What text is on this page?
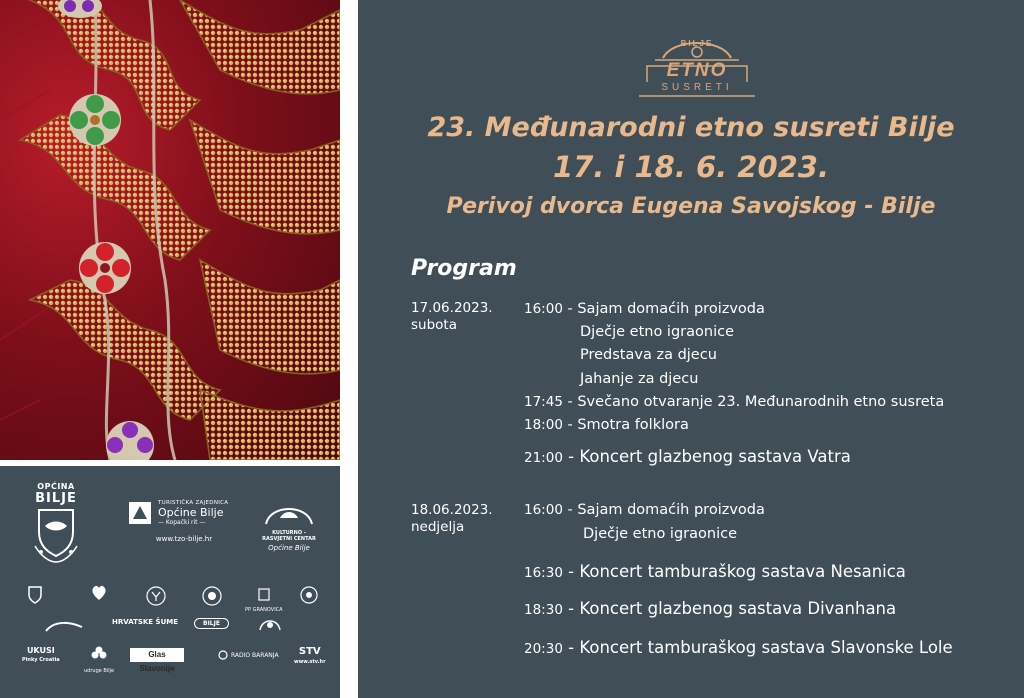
OPĆINA
BILJE	TURISTIČKA ZAJEDNICA
Općine Bilje
— Kopački rit —
www.tzo-bilje.hr
KULTURNO - RASVJETNI CENTAR
Općine Bilje
PP GRANOVICA
HRVATSKE ŠUME	BILJE
UKUSI
Pinky Croatia
udruge Bilje
Glas Slavonije
RADIO BARANJA	STV
www.stv.hr
BILJE
ETNO
SUSRETI
23. Međunarodni etno susreti Bilje
17. i 18. 6. 2023.
Perivoj dvorca Eugena Savojskog - Bilje
Program
17.06.2023.
subota
16:00 - Sajam domaćih proizvoda
Dječje etno igraonice
Predstava za djecu
Jahanje za djecu
17:45 - Svečano otvaranje 23. Međunarodnih etno susreta
18:00 - Smotra folklora
21:00 - Koncert glazbenog sastava Vatra
18.06.2023.
nedjelja
16:00 - Sajam domaćih proizvoda
Dječje etno igraonice
16:30 - Koncert tamburaškog sastava Nesanica
18:30 - Koncert glazbenog sastava Divanhana
20:30 - Koncert tamburaškog sastava Slavonske Lole
